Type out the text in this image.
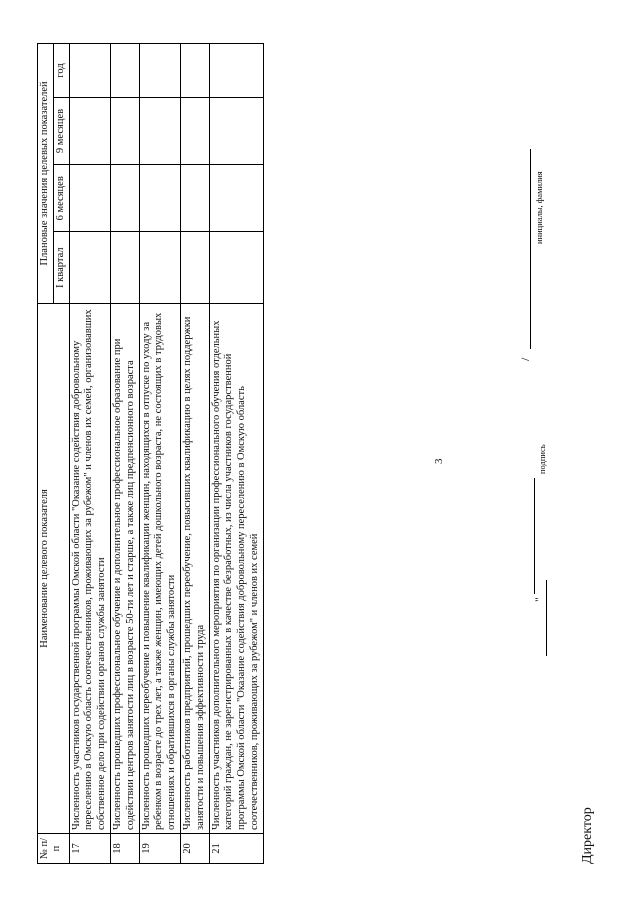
3
№ п/п	Наименование целевого показателя	Плановые значения целевых показателей			
		I квартал	6 месяцев	9 месяцев	год
17	Численность участников государственной программы Омской области "Оказание содействия добровольному переселению в Омскую область соотечественников, проживающих за рубежом" и членов их семей, организовавших собственное дело при содействии органов службы занятости				
18	Численность прошедших профессиональное обучение и дополнительное профессиональное образование при содействии центров занятости лиц в возрасте 50-ти лет и старше, а также лиц предпенсионного возраста				
19	Численность прошедших переобучение и повышение квалификации женщин, находящихся в отпуске по уходу за ребенком в возрасте до трех лет, а также женщин, имеющих детей дошкольного возраста, не состоящих в трудовых отношениях и обратившихся в органы службы занятости				
20	Численность работников предприятий, прошедших переобучение, повысивших квалификацию в целях поддержки занятости и повышения эффективности труда				
21	Численность участников дополнительного мероприятия по организации профессионального обучения отдельных категорий граждан, не зарегистрированных в качестве безработных, из числа участников государственной программы Омской области "Оказание содействия добровольному переселению в Омскую область соотечественников, проживающих за рубежом" и членов их семей				
Директор
"
подпись
/
инициалы, фамилия
